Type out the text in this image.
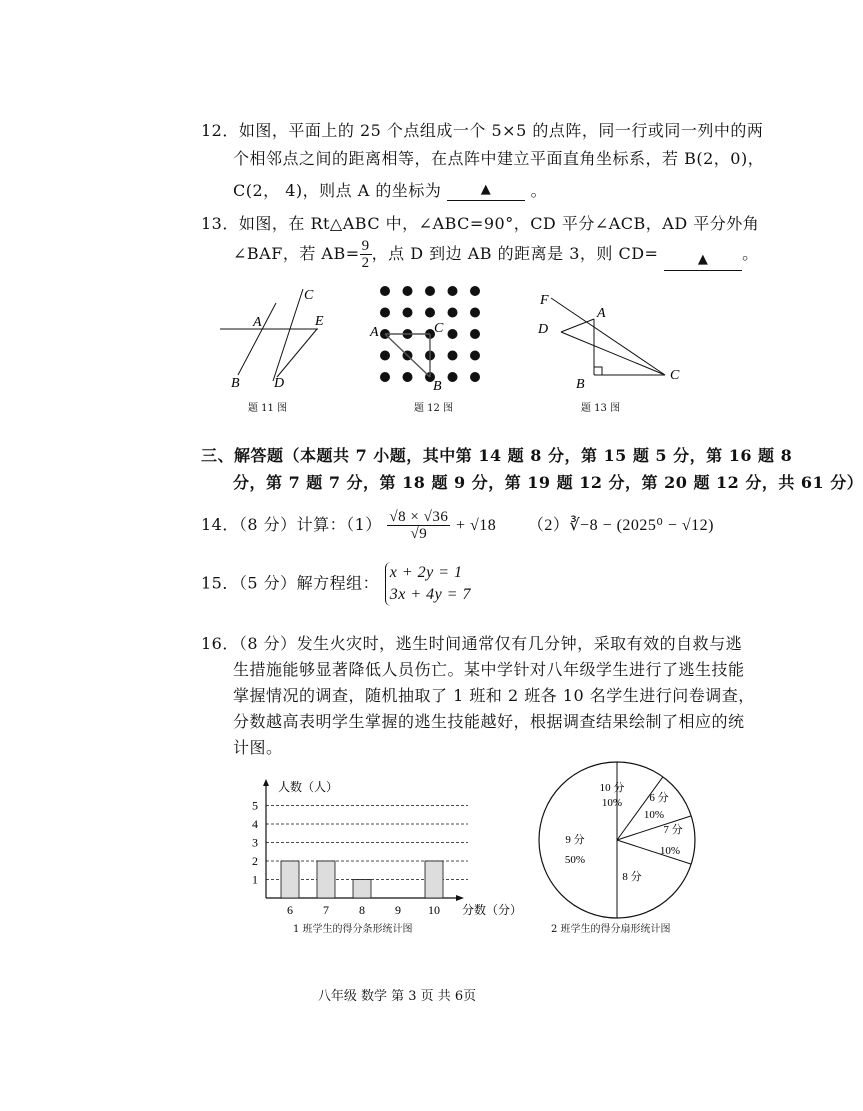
12．如图，平面上的 25 个点组成一个 5×5 的点阵，同一行或同一列中的两
个相邻点之间的距离相等，在点阵中建立平面直角坐标系，若 B(2，0)，
C(2， 4)，则点 A 的坐标为	▲ 。
13．如图，在 Rt△ABC 中，∠ABC=90°，CD 平分∠ACB，AD 平分外角
∠BAF，若 $AB= \frac{9}{2}$ ，点 D 到边 AB 的距离是 3，则 CD=	▲ 。
A
B
C
D
E
题 11 图
A
B
C
题 12 图
F
A
D
B
C
题 13 图
三、解答题（本题共 7 小题，其中第 14 题 8 分，第 15 题 5 分，第 16 题 8
分，第 7 题 7 分，第 18 题 9 分，第 19 题 12 分，第 20 题 12 分，共 61 分）
14．（8 分）计算：$(1) \frac{√8 \times √36}{√9} + √18$ （2）∛−8 − (2025⁰ − √12)
15．（5 分）解方程组：
x + 2y = 1
3x + 4y = 7
16．（8 分）发生火灾时，逃生时间通常仅有几分钟，采取有效的自救与逃
生措施能够显著降低人员伤亡。某中学针对八年级学生进行了逃生技能
掌握情况的调查，随机抽取了 1 班和 2 班各 10 名学生进行问卷调查，
分数越高表明学生掌握的逃生技能越好，根据调查结果绘制了相应的统
计图。
6	7	8	9 10
1
2
3
4
5
人数（人）
分数（分）
1 班学生的得分条形统计图
10 分
10% 6 分
10%
7 分
10%
8 分
9 分
50%
2 班学生的得分扇形统计图
八年级 数学 第 3 页 共 6页
